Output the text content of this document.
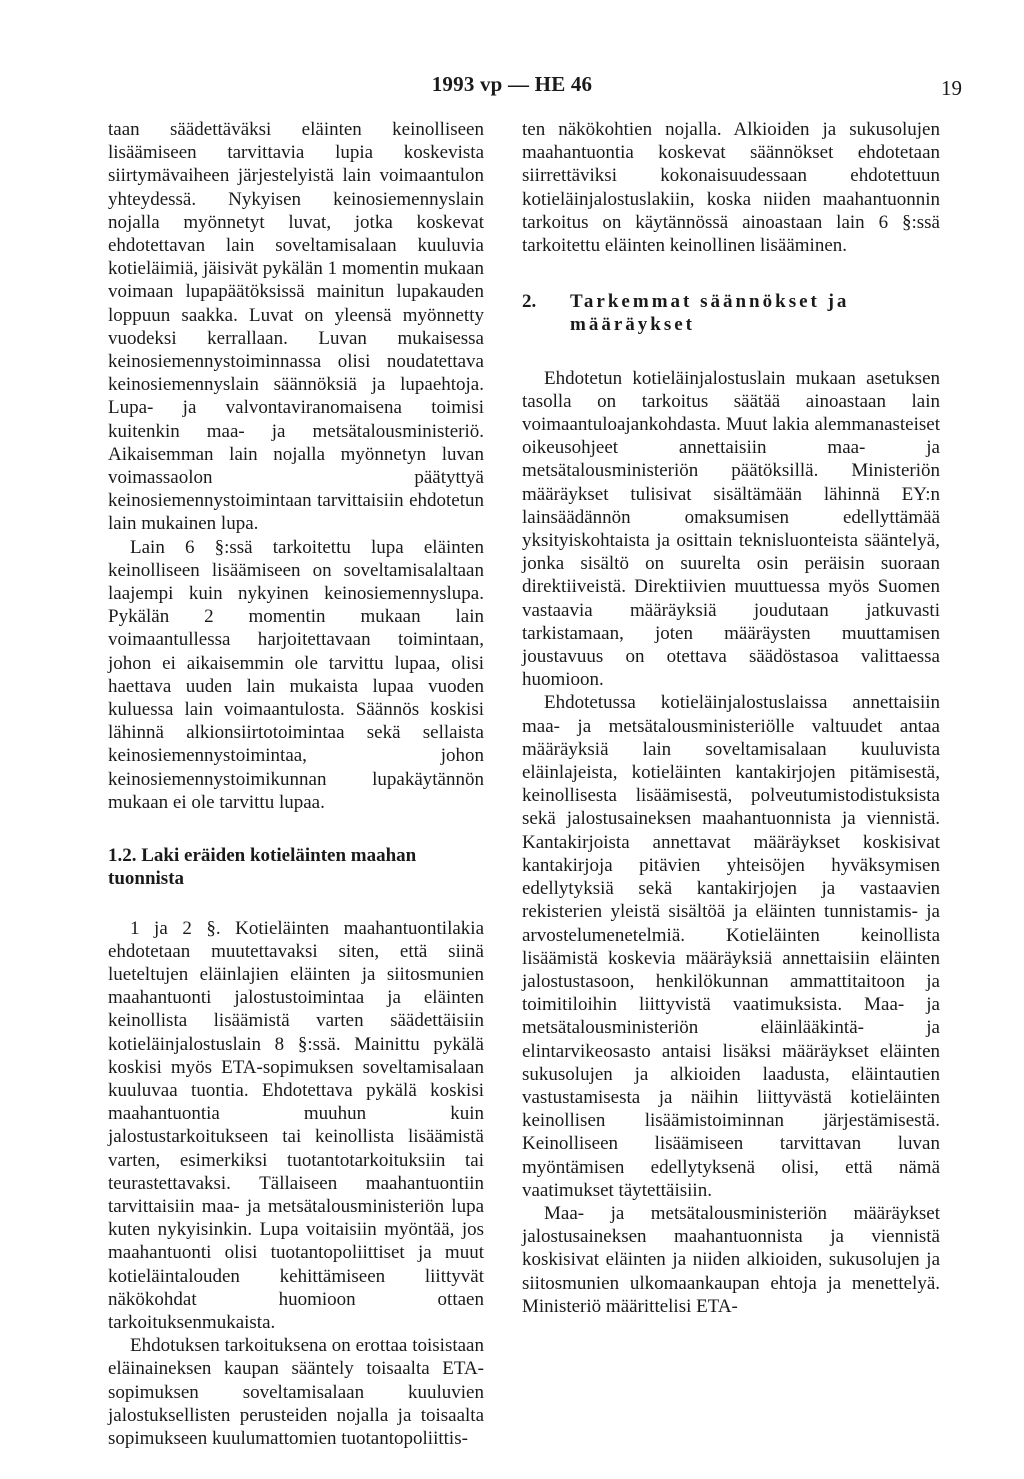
1993 vp — HE 46	19

taan säädettäväksi eläinten keinolliseen lisäämiseen tarvittavia lupia koskevista siirtymävaiheen järjestelyistä lain voimaantulon yhteydessä. Nykyisen keinosiemennyslain nojalla myönnetyt luvat, jotka koskevat ehdotettavan lain soveltamisalaan kuuluvia kotieläimiä, jäisivät pykälän 1 momentin mukaan voimaan lupapäätöksissä mainitun lupakauden loppuun saakka. Luvat on yleensä myönnetty vuodeksi kerrallaan. Luvan mukaisessa keinosiemennystoiminnassa olisi noudatettava keinosiemennyslain säännöksiä ja lupaehtoja. Lupa- ja valvontaviranomaisena toimisi kuitenkin maa- ja metsätalousministeriö. Aikaisemman lain nojalla myönnetyn luvan voimassaolon päätyttyä keinosiemennystoimintaan tarvittaisiin ehdotetun lain mukainen lupa.

Lain 6 §:ssä tarkoitettu lupa eläinten keinolliseen lisäämiseen on soveltamisalaltaan laajempi kuin nykyinen keinosiemennyslupa. Pykälän 2 momentin mukaan lain voimaantullessa harjoitettavaan toimintaan, johon ei aikaisemmin ole tarvittu lupaa, olisi haettava uuden lain mukaista lupaa vuoden kuluessa lain voimaantulosta. Säännös koskisi lähinnä alkionsiirtotoimintaa sekä sellaista keinosiemennystoimintaa, johon keinosiemennystoimikunnan lupakäytännön mukaan ei ole tarvittu lupaa.

1.2. Laki eräiden kotieläinten maahan tuonnista

1 ja 2 §. Kotieläinten maahantuontilakia ehdotetaan muutettavaksi siten, että siinä lueteltujen eläinlajien eläinten ja siitosmunien maahantuonti jalostustoimintaa ja eläinten keinollista lisäämistä varten säädettäisiin kotieläinjalostuslain 8 §:ssä. Mainittu pykälä koskisi myös ETA-sopimuksen soveltamisalaan kuuluvaa tuontia. Ehdotettava pykälä koskisi maahantuontia muuhun kuin jalostustarkoitukseen tai keinollista lisäämistä varten, esimerkiksi tuotantotarkoituksiin tai teurastettavaksi. Tällaiseen maahantuontiin tarvittaisiin maa- ja metsätalousministeriön lupa kuten nykyisinkin. Lupa voitaisiin myöntää, jos maahantuonti olisi tuotantopoliittiset ja muut kotieläintalouden kehittämiseen liittyvät näkökohdat huomioon ottaen tarkoituksenmukaista.

Ehdotuksen tarkoituksena on erottaa toisistaan eläinaineksen kaupan sääntely toisaalta ETA-sopimuksen soveltamisalaan kuuluvien jalostuksellisten perusteiden nojalla ja toisaalta sopimukseen kuulumattomien tuotantopoliittis-

ten näkökohtien nojalla. Alkioiden ja sukusolujen maahantuontia koskevat säännökset ehdotetaan siirrettäviksi kokonaisuudessaan ehdotettuun kotieläinjalostuslakiin, koska niiden maahantuonnin tarkoitus on käytännössä ainoastaan lain 6 §:ssä tarkoitettu eläinten keinollinen lisääminen.

2.	Tarkemmat säännökset ja määräykset

Ehdotetun kotieläinjalostuslain mukaan asetuksen tasolla on tarkoitus säätää ainoastaan lain voimaantuloajankohdasta. Muut lakia alemmanasteiset oikeusohjeet annettaisiin maa- ja metsätalousministeriön päätöksillä. Ministeriön määräykset tulisivat sisältämään lähinnä EY:n lainsäädännön omaksumisen edellyttämää yksityiskohtaista ja osittain teknisluonteista sääntelyä, jonka sisältö on suurelta osin peräisin suoraan direktiiveistä. Direktiivien muuttuessa myös Suomen vastaavia määräyksiä joudutaan jatkuvasti tarkistamaan, joten määräysten muuttamisen joustavuus on otettava säädöstasoa valittaessa huomioon.

Ehdotetussa kotieläinjalostuslaissa annettaisiin maa- ja metsätalousministeriölle valtuudet antaa määräyksiä lain soveltamisalaan kuuluvista eläinlajeista, kotieläinten kantakirjojen pitämisestä, keinollisesta lisäämisestä, polveutumistodistuksista sekä jalostusaineksen maahantuonnista ja viennistä. Kantakirjoista annettavat määräykset koskisivat kantakirjoja pitävien yhteisöjen hyväksymisen edellytyksiä sekä kantakirjojen ja vastaavien rekisterien yleistä sisältöä ja eläinten tunnistamis- ja arvostelumenetelmiä. Kotieläinten keinollista lisäämistä koskevia määräyksiä annettaisiin eläinten jalostustasoon, henkilökunnan ammattitaitoon ja toimitiloihin liittyvistä vaatimuksista. Maa- ja metsätalousministeriön eläinlääkintä- ja elintarvikeosasto antaisi lisäksi määräykset eläinten sukusolujen ja alkioiden laadusta, eläintautien vastustamisesta ja näihin liittyvästä kotieläinten keinollisen lisäämistoiminnan järjestämisestä. Keinolliseen lisäämiseen tarvittavan luvan myöntämisen edellytyksenä olisi, että nämä vaatimukset täytettäisiin.

Maa- ja metsätalousministeriön määräykset jalostusaineksen maahantuonnista ja viennistä koskisivat eläinten ja niiden alkioiden, sukusolujen ja siitosmunien ulkomaankaupan ehtoja ja menettelyä. Ministeriö määrittelisi ETA-
